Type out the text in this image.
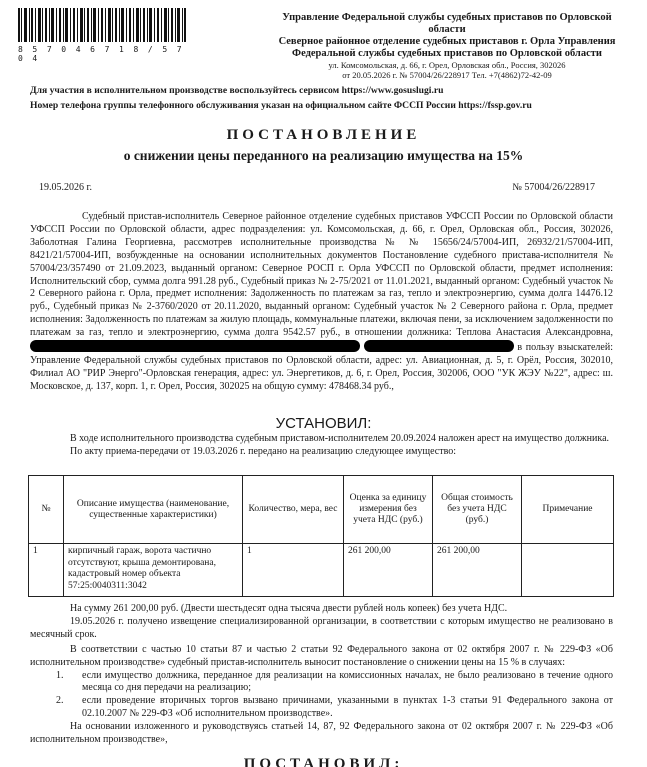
8 5 7 0 4 6 7 1 8 / 5 7 0 4
Управление Федеральной службы судебных приставов по Орловской
области
Северное районное отделение судебных приставов г. Орла Управления
Федеральной службы судебных приставов по Орловской области
ул. Комсомольская, д. 66, г. Орел, Орловская обл., Россия, 302026
от 20.05.2026 г. № 57004/26/228917 Тел. +7(4862)72-42-09
Для участия в исполнительном производстве воспользуйтесь сервисом https://www.gosuslugi.ru
Номер телефона группы телефонного обслуживания указан на официальном сайте ФССП России https://fssp.gov.ru
ПОСТАНОВЛЕНИЕ
о снижении цены переданного на реализацию имущества на 15%
19.05.2026 г.	№ 57004/26/228917
Судебный пристав-исполнитель Северное районное отделение судебных приставов УФССП России по Орловской области УФССП России по Орловской области, адрес подразделения: ул. Комсомольская, д. 66, г. Орел, Орловская обл., Россия, 302026, Заболотная Галина Георгиевна, рассмотрев исполнительные производства № № 15656/24/57004-ИП, 26932/21/57004-ИП, 8421/21/57004-ИП, возбужденные на основании исполнительных документов Постановление судебного пристава-исполнителя № 57004/23/357490 от 21.09.2023, выданный органом: Северное РОСП г. Орла УФССП по Орловской области, предмет исполнения: Исполнительский сбор, сумма долга 991.28 руб., Судебный приказ № 2-75/2021 от 11.01.2021, выданный органом: Судебный участок № 2 Северного района г. Орла, предмет исполнения: Задолженность по платежам за газ, тепло и электроэнергию, сумма долга 14476.12 руб., Судебный приказ № 2-3760/2020 от 20.11.2020, выданный органом: Судебный участок № 2 Северного района г. Орла, предмет исполнения: Задолженность по платежам за жилую площадь, коммунальные платежи, включая пени, за исключением задолженности по платежам за газ, тепло и электроэнергию, сумма долга 9542.57 руб., в отношении должника: Теплова Анастасия Александровна,   в пользу взыскателей: Управление Федеральной службы судебных приставов по Орловской области, адрес: ул. Авиационная, д. 5, г. Орёл, Россия, 302010, Филиал АО "РИР Энерго"-Орловская генерация, адрес: ул. Энергетиков, д. 6, г. Орел, Россия, 302006, ООО "УК ЖЭУ №22", адрес: ш. Московское, д. 137, корп. 1, г. Орел, Россия, 302025 на общую сумму: 478468.34 руб.,
УСТАНОВИЛ:
В ходе исполнительного производства судебным приставом-исполнителем 20.09.2024 наложен арест на имущество должника.
По акту приема-передачи от 19.03.2026 г. передано на реализацию следующее имущество:
№	Описание имущества (наименование, существенные характеристики)	Количество, мера, вес	Оценка за единицу измерения без учета НДС (руб.)	Общая стоимость без учета НДС (руб.)	Примечание
1	кирпичный гараж, ворота частично отсутствуют, крыша демонтирована, кадастровый номер объекта 57:25:0040311:3042	1	261 200,00	261 200,00	
На сумму 261 200,00 руб. (Двести шестьдесят одна тысяча двести рублей ноль копеек) без учета НДС.
19.05.2026 г. получено извещение специализированной организации, в соответствии с которым имущество не реализовано в месячный срок.
В соответствии с частью 10 статьи 87 и частью 2 статьи 92 Федерального закона от 02 октября 2007 г. № 229-ФЗ «Об исполнительном производстве» судебный пристав-исполнитель выносит постановление о снижении цены на 15 % в случаях:
1.	если имущество должника, переданное для реализации на комиссионных началах, не было реализовано в течение одного месяца со дня передачи на реализацию;
2.	если проведение вторичных торгов вызвано причинами, указанными в пунктах 1-3 статьи 91 Федерального закона от 02.10.2007 № 229-ФЗ «Об исполнительном производстве».
На основании изложенного и руководствуясь статьей 14, 87, 92 Федерального закона от 02 октября 2007 г. № 229-ФЗ «Об исполнительном производстве»,
ПОСТАНОВИЛ:
